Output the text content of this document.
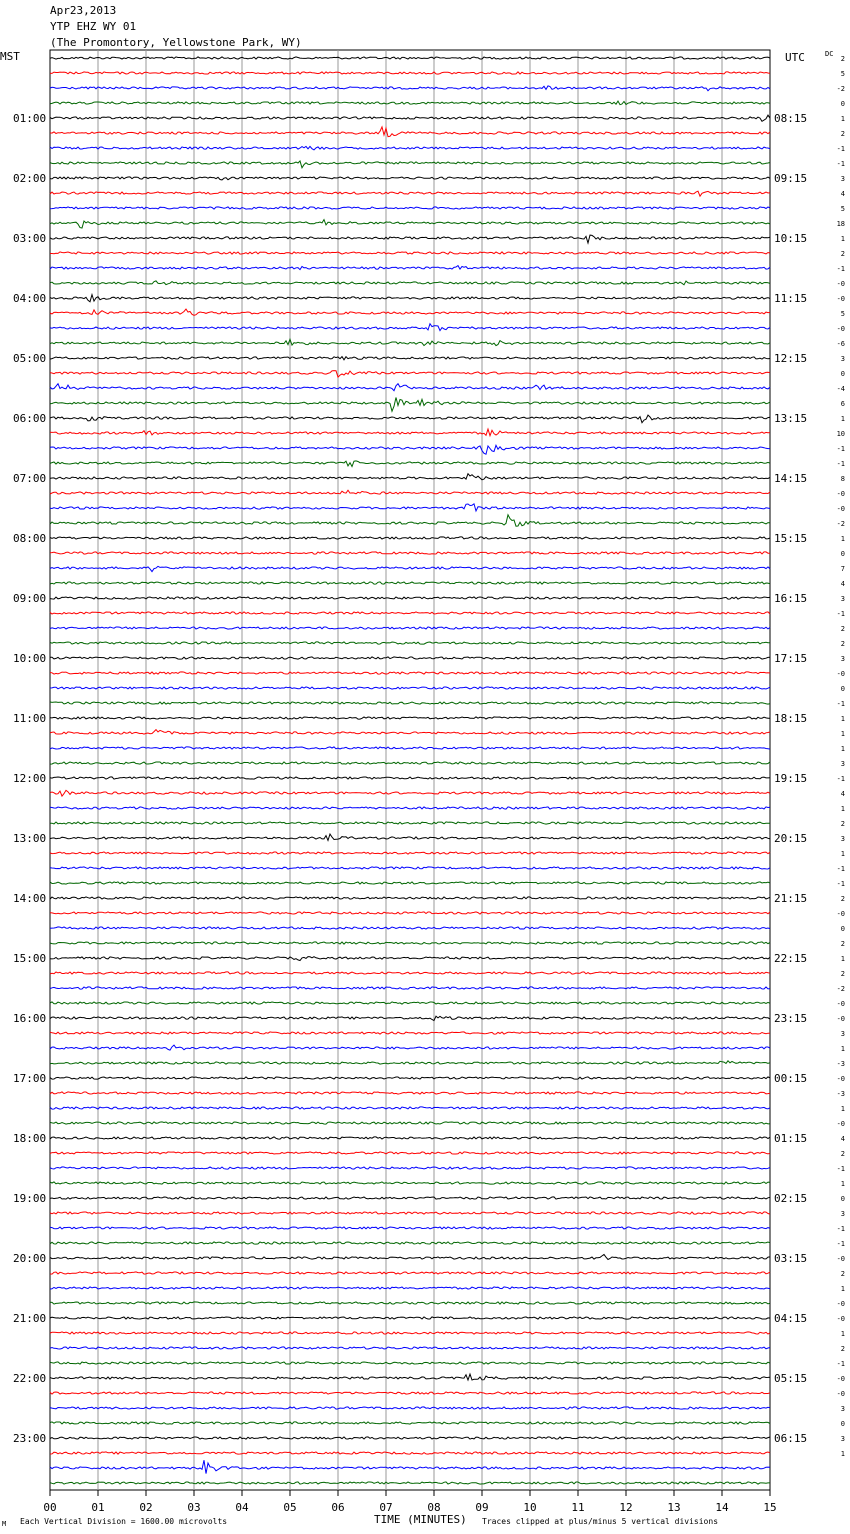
Apr23,2013
YTP EHZ WY 01
(The Promontory, Yellowstone Park, WY)
MST	UTC	DC
01:00
02:00
03:00
04:00
05:00
06:00
07:00
08:00
09:00
10:00
11:00
12:00
13:00
14:00
15:00
16:00
17:00
18:00
19:00
20:00
21:00
22:00
23:00
08:15
09:15
10:15
11:15
12:15
13:15
14:15
15:15
16:15
17:15
18:15
19:15
20:15
21:15
22:15
23:15
00:15
01:15
02:15
03:15
04:15
05:15
06:15
2
5
-2
0
1
2
-1
-1
3
4
5
18
1
2
-1
-0
-0
5
-0
-6
3
0
-4
6
1
10
-1
-1
8
-0
-0
-2
1
0
7
4
3
-1
2
2
3
-0
0
-1
1
1
1
3
-1
4
1
2
3
1
-1
-1
2
-0
0
2
1
2
-2
-0
-0
3
1
-3
-0
-3
1
-0
4
2
-1
1
0
3
-1
-1
-0
2
1
-0
-0
1
2
-1
-0
-0
3
0
3
1
00	01	02	03	04	05	06	07	08	09	10	11	12	13	14	15
M Each Vertical Division = 1600.00 microvolts	TIME (MINUTES) Traces clipped at plus/minus 5 vertical divisions
